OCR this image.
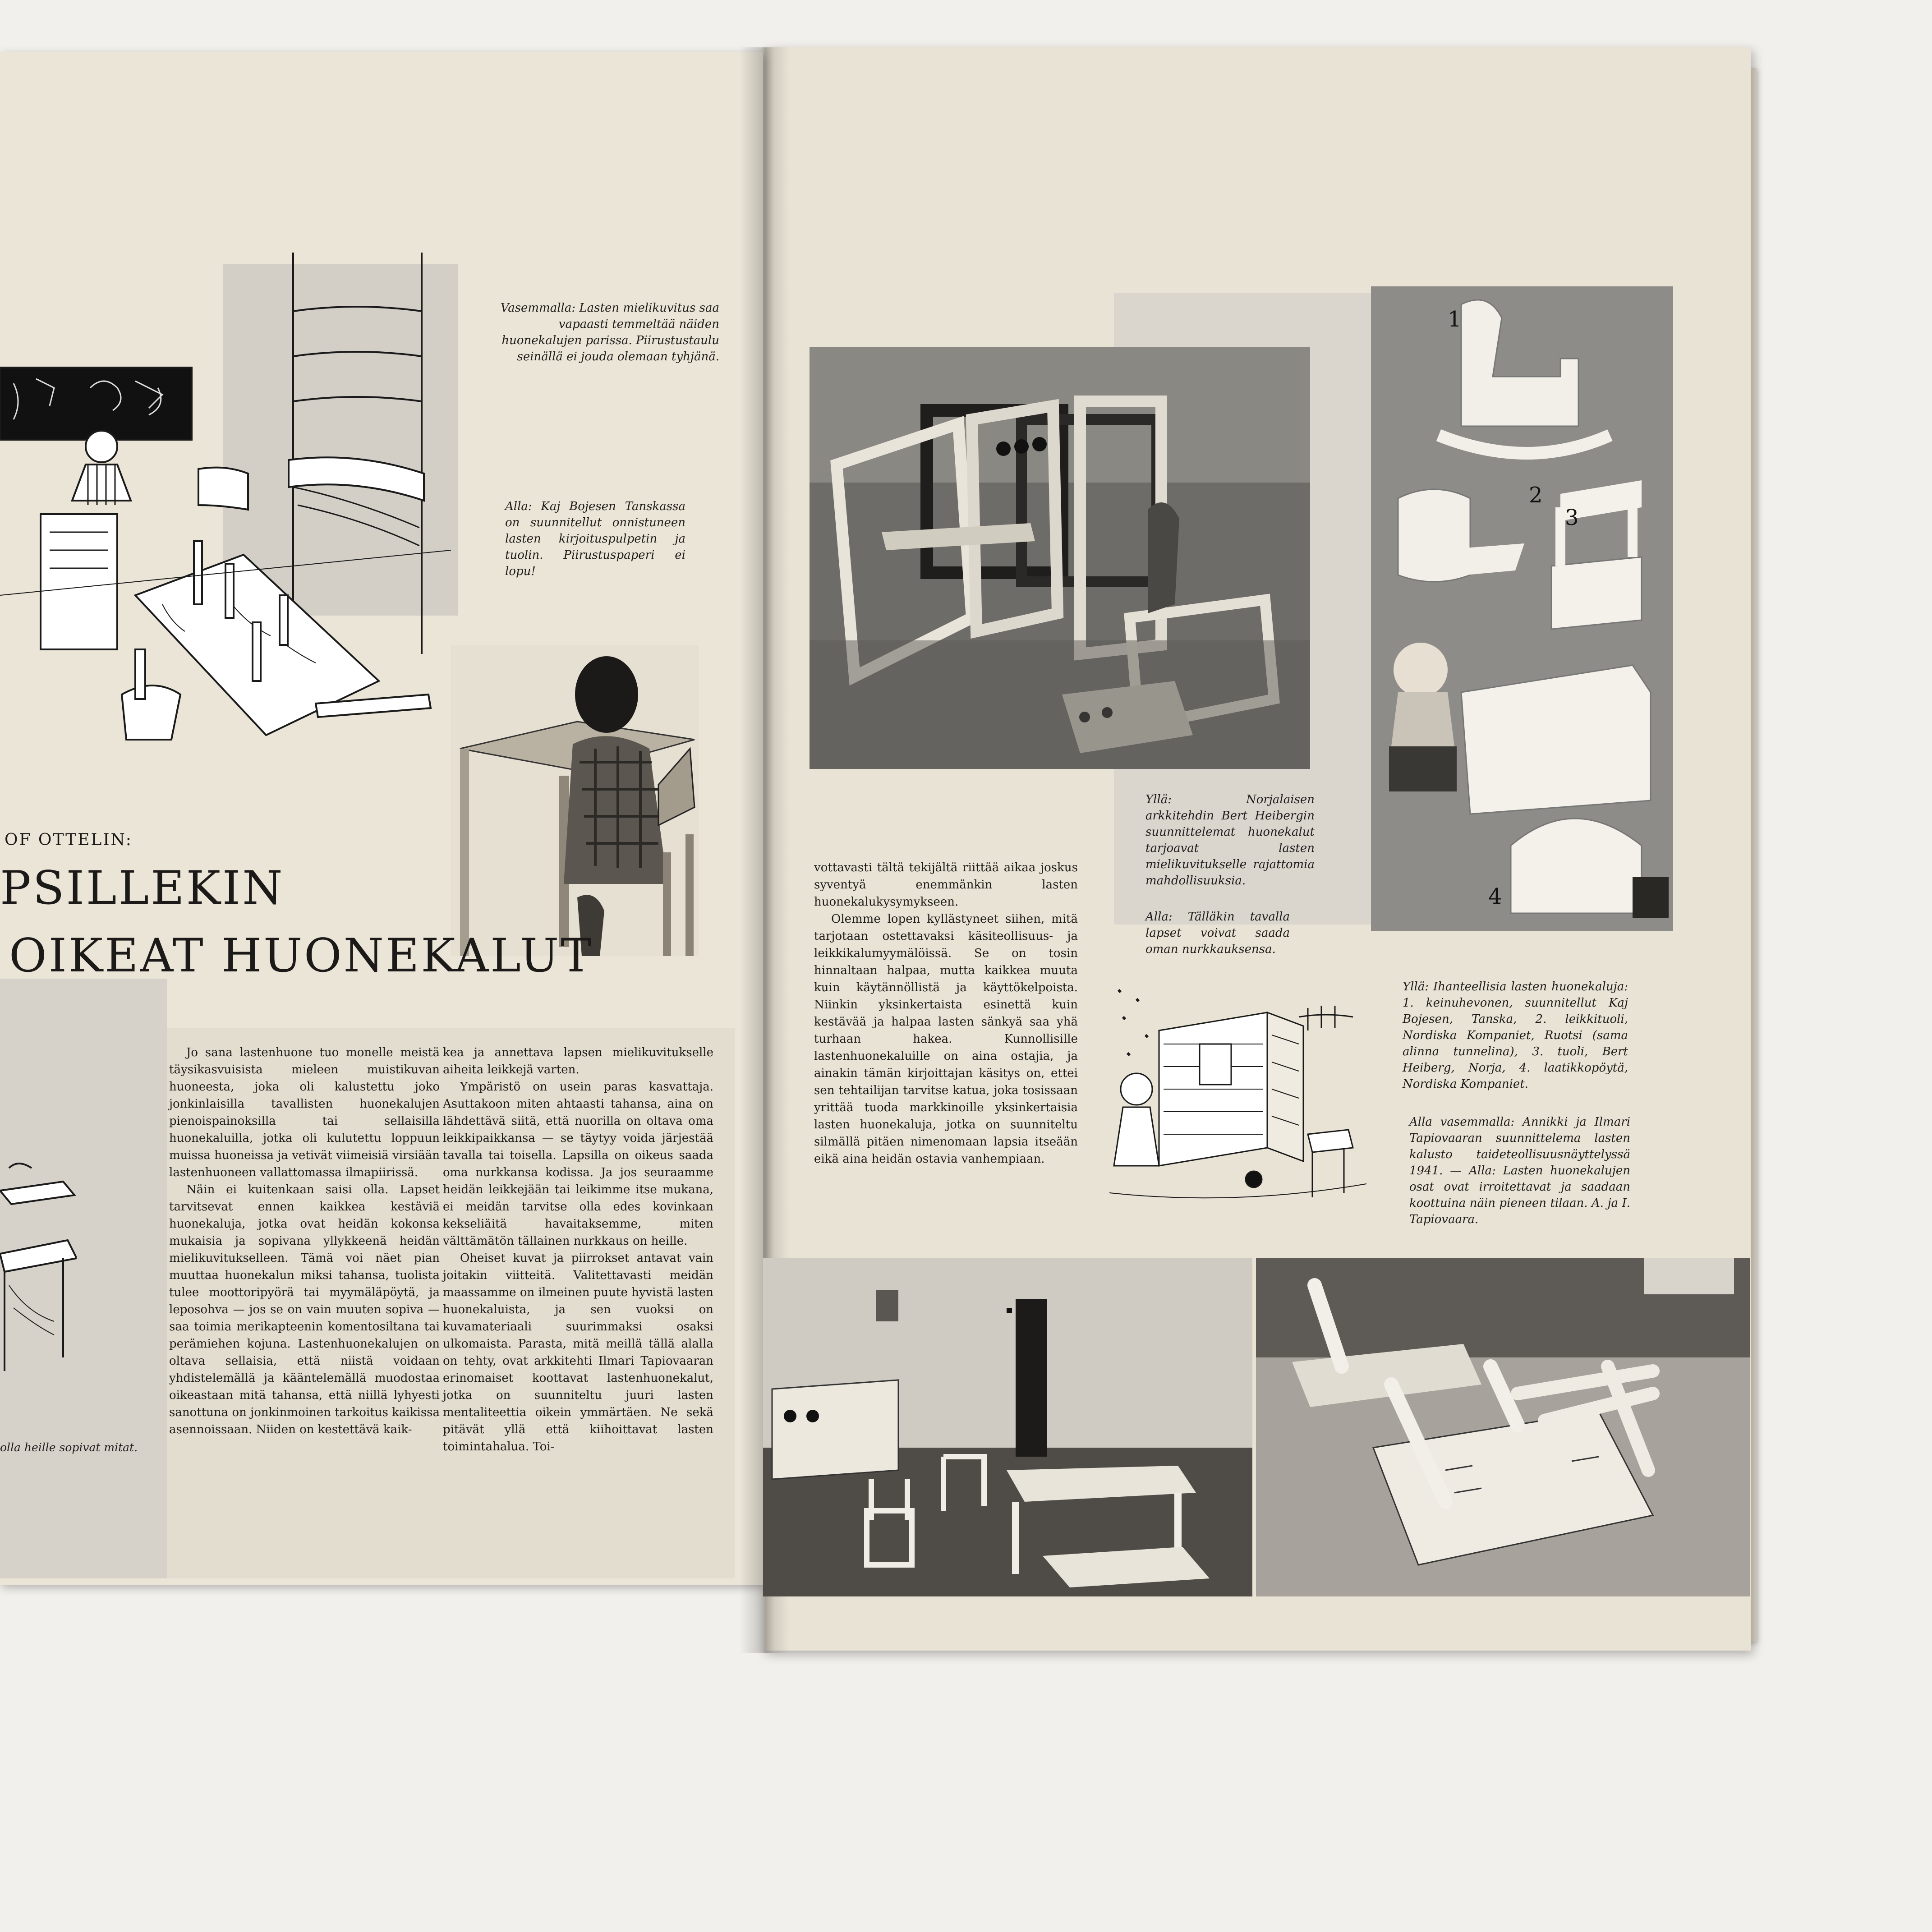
Vasemmalla: Lasten mielikuvitus saa vapaasti temmeltää näiden huonekalujen parissa. Piirustustaulu seinällä ei jouda olemaan tyhjänä.
Alla: Kaj Bojesen Tanskassa on suunnitellut onnistuneen lasten kirjoituspulpetin ja tuolin. Piirustuspaperi ei lopu!
OF OTTELIN:
PSILLEKIN
OIKEAT HUONEKALUT
olla heille sopivat mitat.

Jo sana lastenhuone tuo monelle meistä täysikasvuisista mieleen muistikuvan huoneesta, joka oli kalustettu joko jonkinlaisilla tavallisten huonekalujen pienoispainoksilla tai sellaisilla huonekaluilla, jotka oli kulutettu loppuun muissa huoneissa ja vetivät viimeisiä virsiään lastenhuoneen vallattomassa ilmapiirissä.

Näin ei kuitenkaan saisi olla. Lapset tarvitsevat ennen kaikkea kestäviä huonekaluja, jotka ovat heidän kokonsa mukaisia ja sopivana yllykkeenä heidän mielikuvitukselleen. Tämä voi näet pian muuttaa huonekalun miksi tahansa, tuolista tulee moottoripyörä tai myymäläpöytä, ja leposohva — jos se on vain muuten sopiva — saa toimia merikapteenin komentosiltana tai perämiehen kojuna. Lastenhuonekalujen on oltava sellaisia, että niistä voidaan yhdistelemällä ja kääntelemällä muodostaa oikeastaan mitä tahansa, että niillä lyhyesti sanottuna on jonkinmoinen tarkoitus kaikissa asennoissaan. Niiden on kestettävä kaik-

kea ja annettava lapsen mielikuvitukselle aiheita leikkejä varten.

Ympäristö on usein paras kasvattaja. Asuttakoon miten ahtaasti tahansa, aina on lähdettävä siitä, että nuorilla on oltava oma leikkipaikkansa — se täytyy voida järjestää tavalla tai toisella. Lapsilla on oikeus saada oma nurkkansa kodissa. Ja jos seuraamme heidän leikkejään tai leikimme itse mukana, ei meidän tarvitse olla edes kovinkaan kekseliäitä havaitaksemme, miten välttämätön tällainen nurkkaus on heille.

Oheiset kuvat ja piirrokset antavat vain joitakin viitteitä. Valitettavasti meidän maassamme on ilmeinen puute hyvistä lasten huonekaluista, ja sen vuoksi on kuvamateriaali suurimmaksi osaksi ulkomaista. Parasta, mitä meillä tällä alalla on tehty, ovat arkkitehti Ilmari Tapiovaaran erinomaiset koottavat lastenhuonekalut, jotka on suunniteltu juuri lasten mentaliteettia oikein ymmärtäen. Ne sekä pitävät yllä että kiihoittavat lasten toimintahalua. Toi-

1
2
3
4

vottavasti tältä tekijältä riittää aikaa joskus syventyä enemmänkin lasten huonekalukysymykseen.

Olemme lopen kyllästyneet siihen, mitä tarjotaan ostettavaksi käsiteollisuus- ja leikkikalumyymälöissä. Se on tosin hinnaltaan halpaa, mutta kaikkea muuta kuin käytännöllistä ja käyttökelpoista. Niinkin yksinkertaista esinettä kuin kestävää ja halpaa lasten sänkyä saa yhä turhaan hakea. Kunnollisille lastenhuonekaluille on aina ostajia, ja ainakin tämän kirjoittajan käsitys on, ettei sen tehtailijan tarvitse katua, joka tosissaan yrittää tuoda markkinoille yksinkertaisia lasten huonekaluja, jotka on suunniteltu silmällä pitäen nimenomaan lapsia itseään eikä aina heidän ostavia vanhempiaan.

Yllä: Norjalaisen arkkitehdin Bert Heibergin suunnittelemat huonekalut tarjoavat lasten mielikuvitukselle rajattomia mahdollisuuksia.
Alla: Tälläkin tavalla lapset voivat saada oman nurkkauksensa.
Yllä: Ihanteellisia lasten huonekaluja: 1. keinuhevonen, suunnitellut Kaj Bojesen, Tanska, 2. leikkituoli, Nordiska Kompaniet, Ruotsi (sama alinna tunnelina), 3. tuoli, Bert Heiberg, Norja, 4. laatikkopöytä, Nordiska Kompaniet.
Alla vasemmalla: Annikki ja Ilmari Tapiovaaran suunnittelema lasten kalusto taideteollisuusnäyttelyssä 1941. — Alla: Lasten huonekalujen osat ovat irroitettavat ja saadaan koottuina näin pieneen tilaan. A. ja I. Tapiovaara.
